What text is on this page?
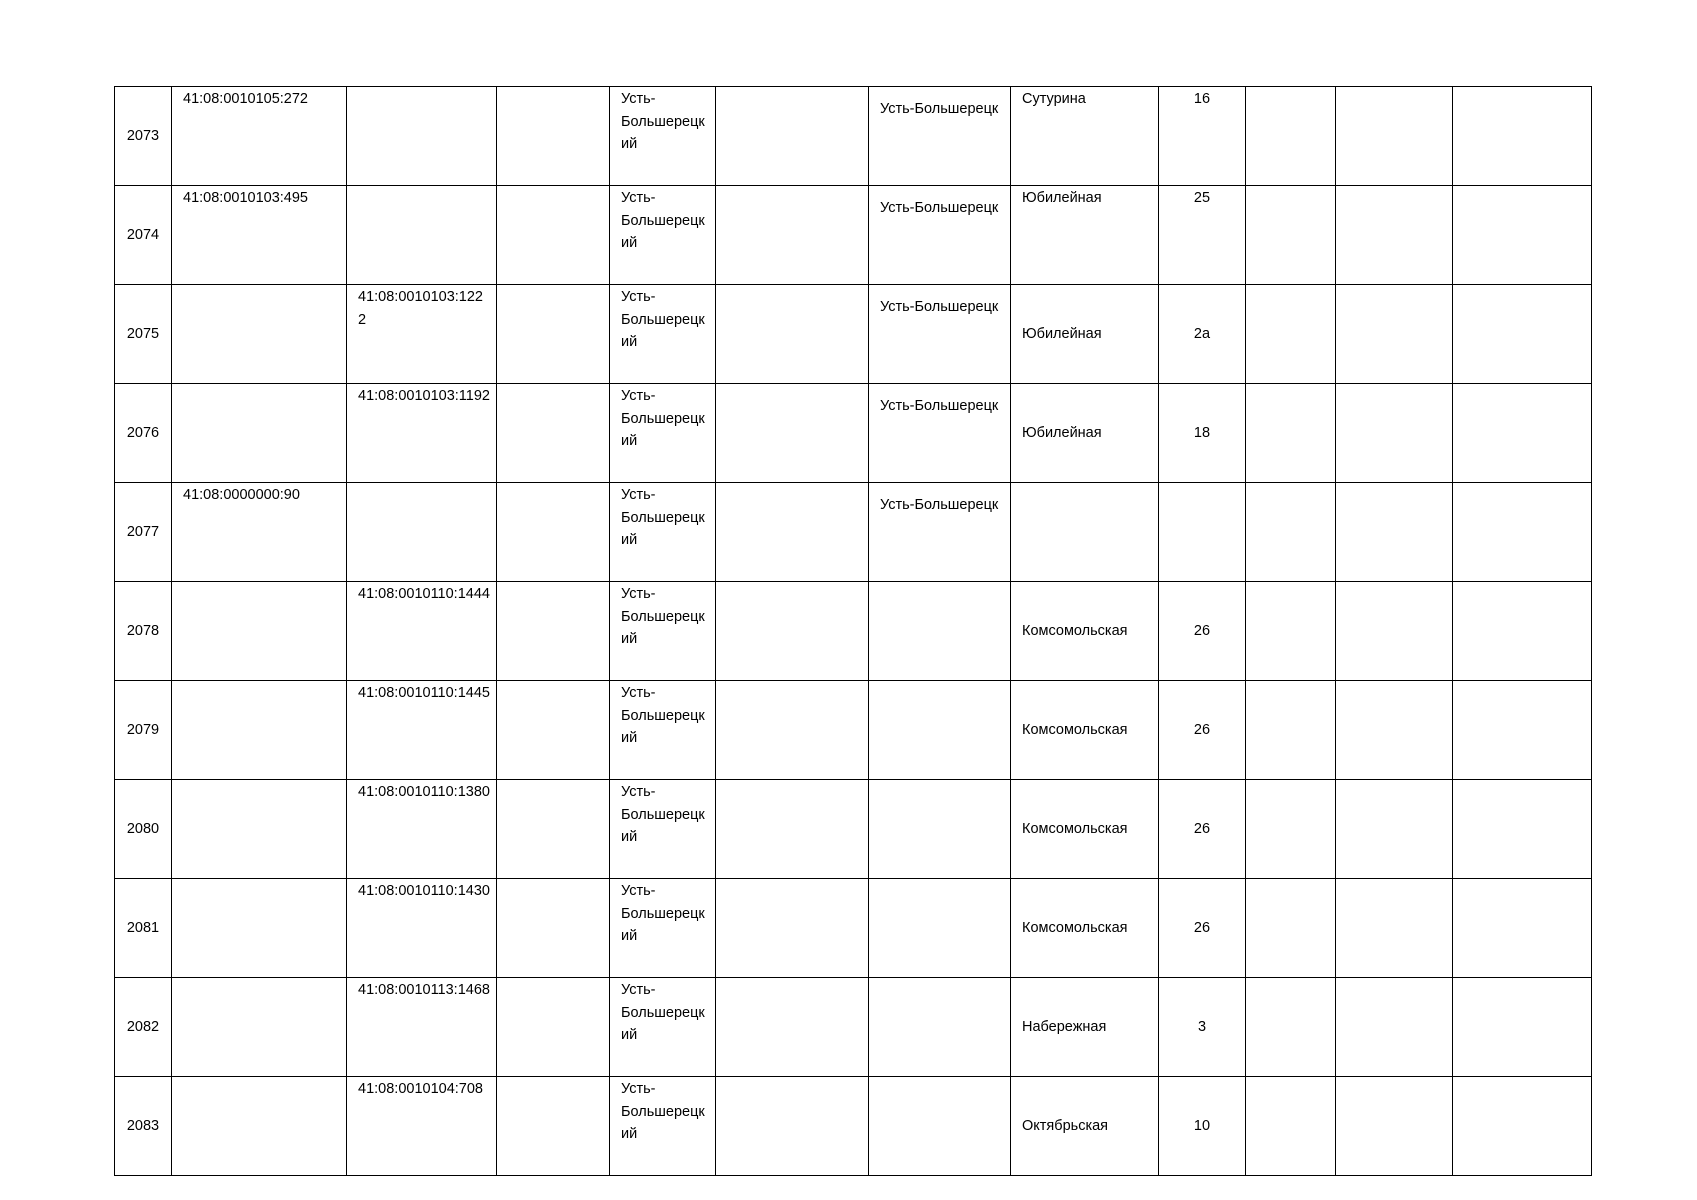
2073	41:08:0010105:272			Усть-Большерецкий		Усть-Большерецк	Сутурина	16			
2074	41:08:0010103:495			Усть-Большерецкий		Усть-Большерецк	Юбилейная	25			
2075		41:08:0010103:1222		Усть-Большерецкий		Усть-Большерецк	Юбилейная	2а			
2076		41:08:0010103:1192		Усть-Большерецкий		Усть-Большерецк	Юбилейная	18			
2077	41:08:0000000:90			Усть-Большерецкий		Усть-Большерецк					
2078		41:08:0010110:1444		Усть-Большерецкий			Комсомольская	26			
2079		41:08:0010110:1445		Усть-Большерецкий			Комсомольская	26			
2080		41:08:0010110:1380		Усть-Большерецкий			Комсомольская	26			
2081		41:08:0010110:1430		Усть-Большерецкий			Комсомольская	26			
2082		41:08:0010113:1468		Усть-Большерецкий			Набережная	3			
2083		41:08:0010104:708		Усть-Большерецкий			Октябрьская	10			
